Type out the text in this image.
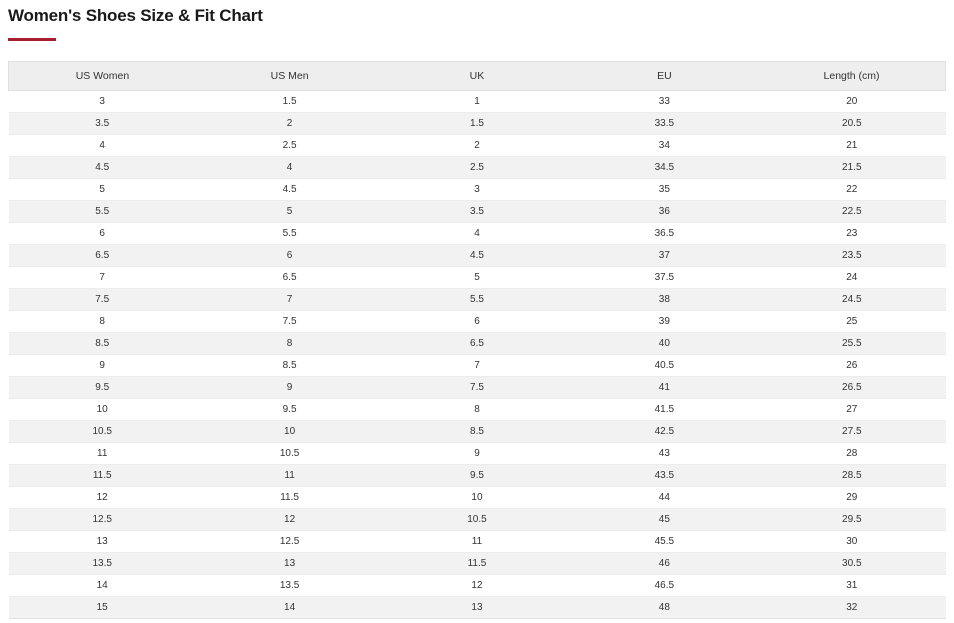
Women's Shoes Size & Fit Chart
US Women	US Men	UK	EU	Length (cm)
3	1.5	1	33	20
3.5	2	1.5	33.5	20.5
4	2.5	2	34	21
4.5	4	2.5	34.5	21.5
5	4.5	3	35	22
5.5	5	3.5	36	22.5
6	5.5	4	36.5	23
6.5	6	4.5	37	23.5
7	6.5	5	37.5	24
7.5	7	5.5	38	24.5
8	7.5	6	39	25
8.5	8	6.5	40	25.5
9	8.5	7	40.5	26
9.5	9	7.5	41	26.5
10	9.5	8	41.5	27
10.5	10	8.5	42.5	27.5
11	10.5	9	43	28
11.5	11	9.5	43.5	28.5
12	11.5	10	44	29
12.5	12	10.5	45	29.5
13	12.5	11	45.5	30
13.5	13	11.5	46	30.5
14	13.5	12	46.5	31
15	14	13	48	32
